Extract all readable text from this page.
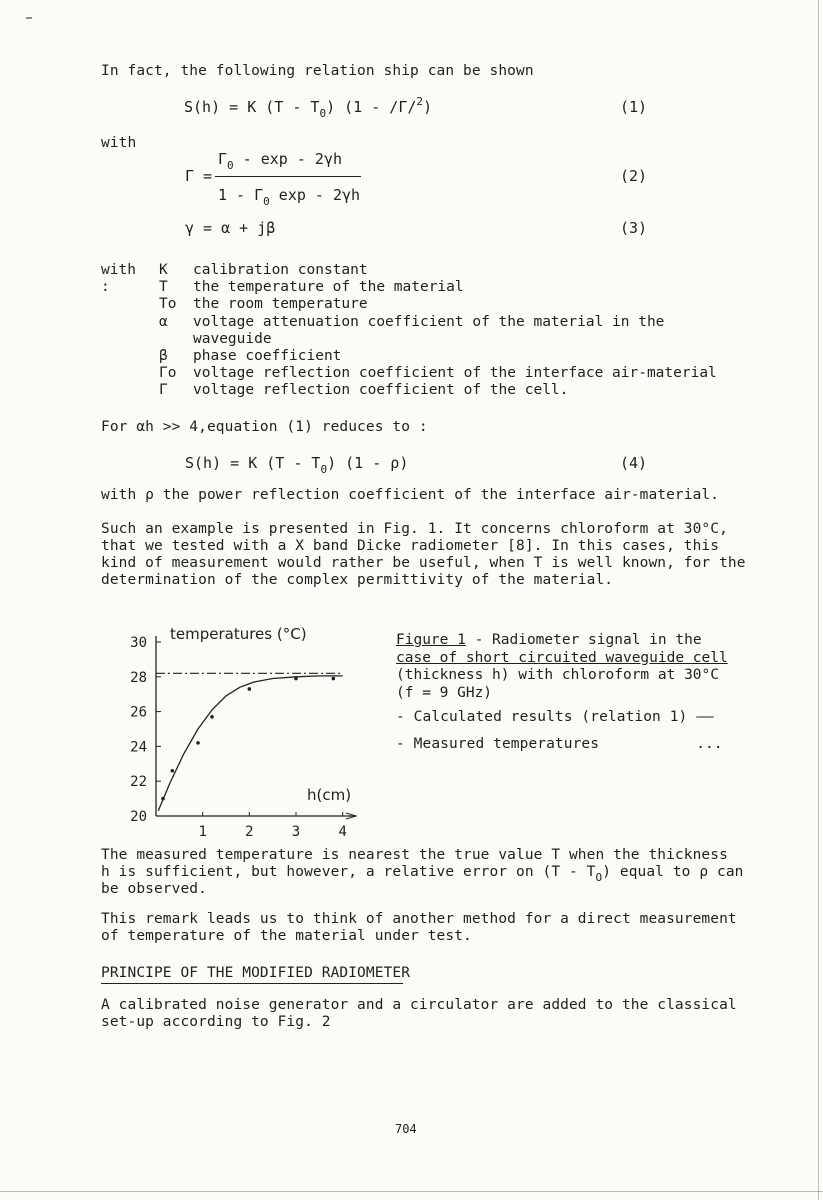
In fact, the following relation ship can be shown
S(h) = K $(T - T_0)$ (1 - /Γ/$^2$)	(1)
with
Γ =
$\Gamma_0$ - exp - 2γh
$1 - \Gamma_0$ exp - 2γh
(2)
γ = α + jβ	(3)
with :
K calibration constant
T the temperature of the material
To the room temperature
α voltage attenuation coefficient of the material in the
waveguide
β phase coefficient
Γo voltage reflection coefficient of the interface air-material
Γ voltage reflection coefficient of the cell.
For αh >> 4,equation (1) reduces to :
S(h) = K $(T - T_0)$ (1 - ρ)	(4)
with ρ the power reflection coefficient of the interface air-material.
Such an example is presented in Fig. 1. It concerns chloroform at 30°C,
that we tested with a X band Dicke radiometer [8]. In this cases, this
kind of measurement would rather be useful, when T is well known, for the
determination of the complex permittivity of the material.
20
22
24
26
28
30
1	2	3	4
temperatures (°C)
h(cm)
Figure 1 - Radiometer signal in the
case of short circuited waveguide cell
(thickness h) with chloroform at 30°C
(f = 9 GHz)
- Calculated results (relation 1) —–
- Measured temperatures           ...
The measured temperature is nearest the true value T when the thickness
h is sufficient, but however, a relative error on $(T - T_O)$ equal to ρ can
be observed.
This remark leads us to think of another method for a direct measurement
of temperature of the material under test.
PRINCIPE OF THE MODIFIED RADIOMETER
A calibrated noise generator and a circulator are added to the classical
set-up according to Fig. 2
704
